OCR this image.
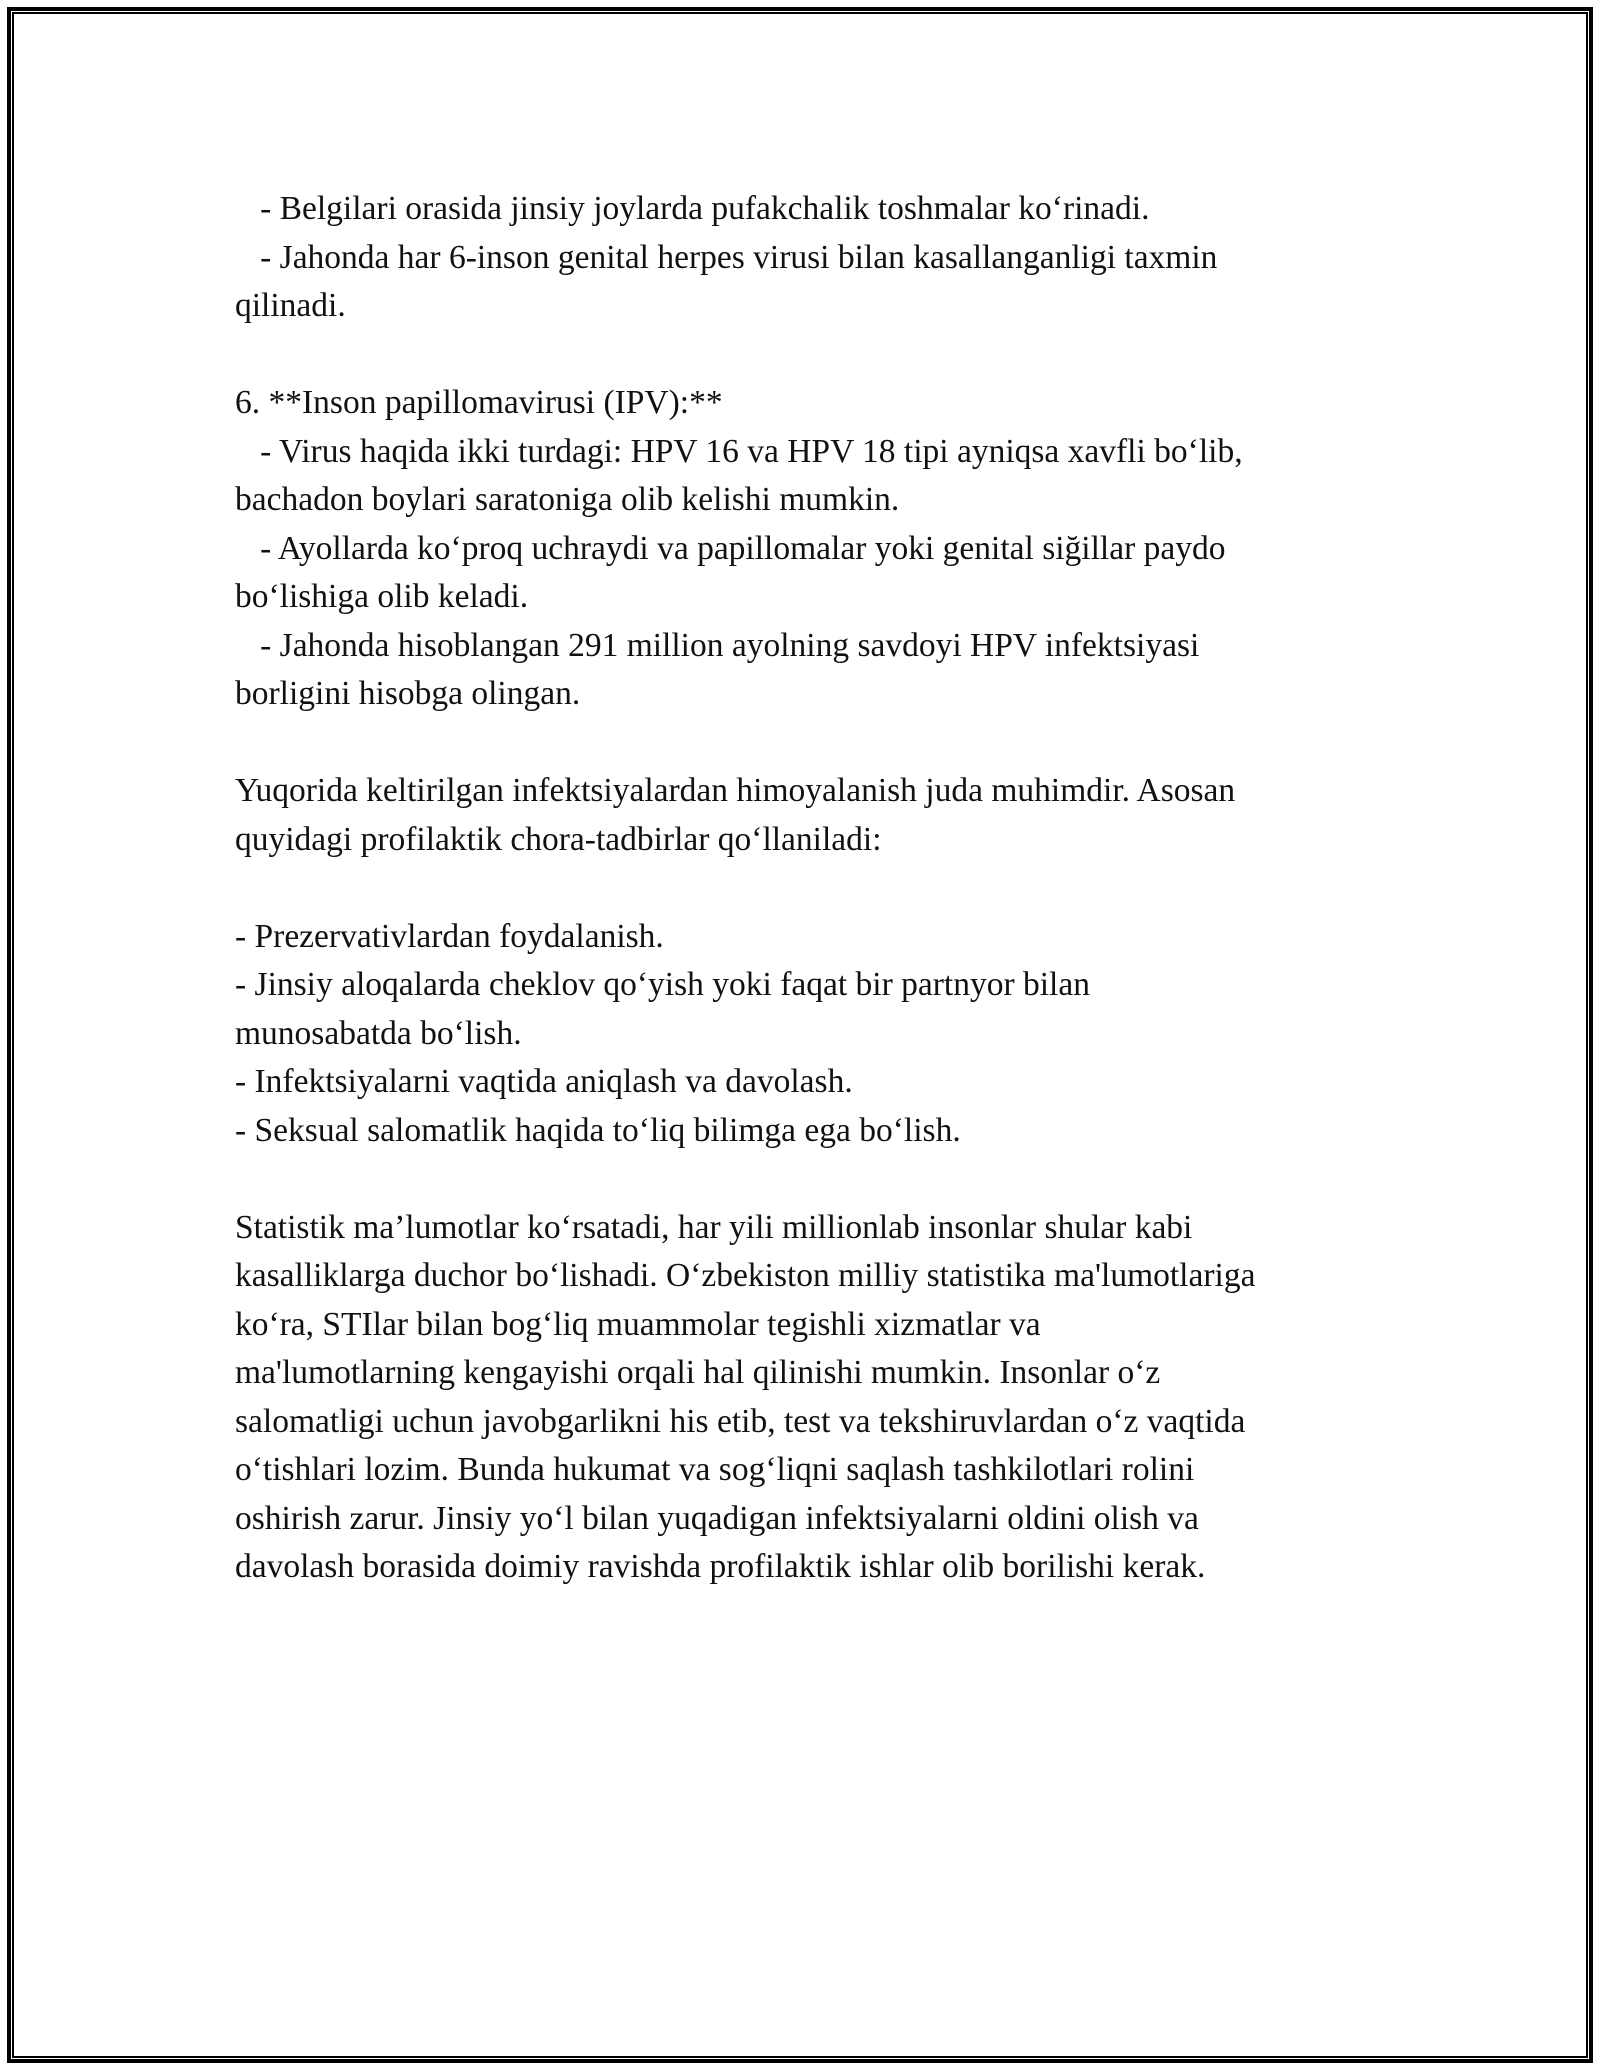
- Belgilari orasida jinsiy joylarda pufakchalik toshmalar ko‘rinadi.
- Jahonda har 6-inson genital herpes virusi bilan kasallanganligi taxmin
qilinadi.
6. **Inson papillomavirusi (IPV):**
- Virus haqida ikki turdagi: HPV 16 va HPV 18 tipi ayniqsa xavfli bo‘lib,
bachadon boylari saratoniga olib kelishi mumkin.
- Ayollarda ko‘proq uchraydi va papillomalar yoki genital siğillar paydo
bo‘lishiga olib keladi.
- Jahonda hisoblangan 291 million ayolning savdoyi HPV infektsiyasi
borligini hisobga olingan.
Yuqorida keltirilgan infektsiyalardan himoyalanish juda muhimdir. Asosan
quyidagi profilaktik chora-tadbirlar qo‘llaniladi:
- Prezervativlardan foydalanish.
- Jinsiy aloqalarda cheklov qo‘yish yoki faqat bir partnyor bilan
munosabatda bo‘lish.
- Infektsiyalarni vaqtida aniqlash va davolash.
- Seksual salomatlik haqida to‘liq bilimga ega bo‘lish.
Statistik ma’lumotlar ko‘rsatadi, har yili millionlab insonlar shular kabi
kasalliklarga duchor bo‘lishadi. O‘zbekiston milliy statistika ma'lumotlariga
ko‘ra, STIlar bilan bog‘liq muammolar tegishli xizmatlar va
ma'lumotlarning kengayishi orqali hal qilinishi mumkin. Insonlar o‘z
salomatligi uchun javobgarlikni his etib, test va tekshiruvlardan o‘z vaqtida
o‘tishlari lozim. Bunda hukumat va sog‘liqni saqlash tashkilotlari rolini
oshirish zarur. Jinsiy yo‘l bilan yuqadigan infektsiyalarni oldini olish va
davolash borasida doimiy ravishda profilaktik ishlar olib borilishi kerak.
